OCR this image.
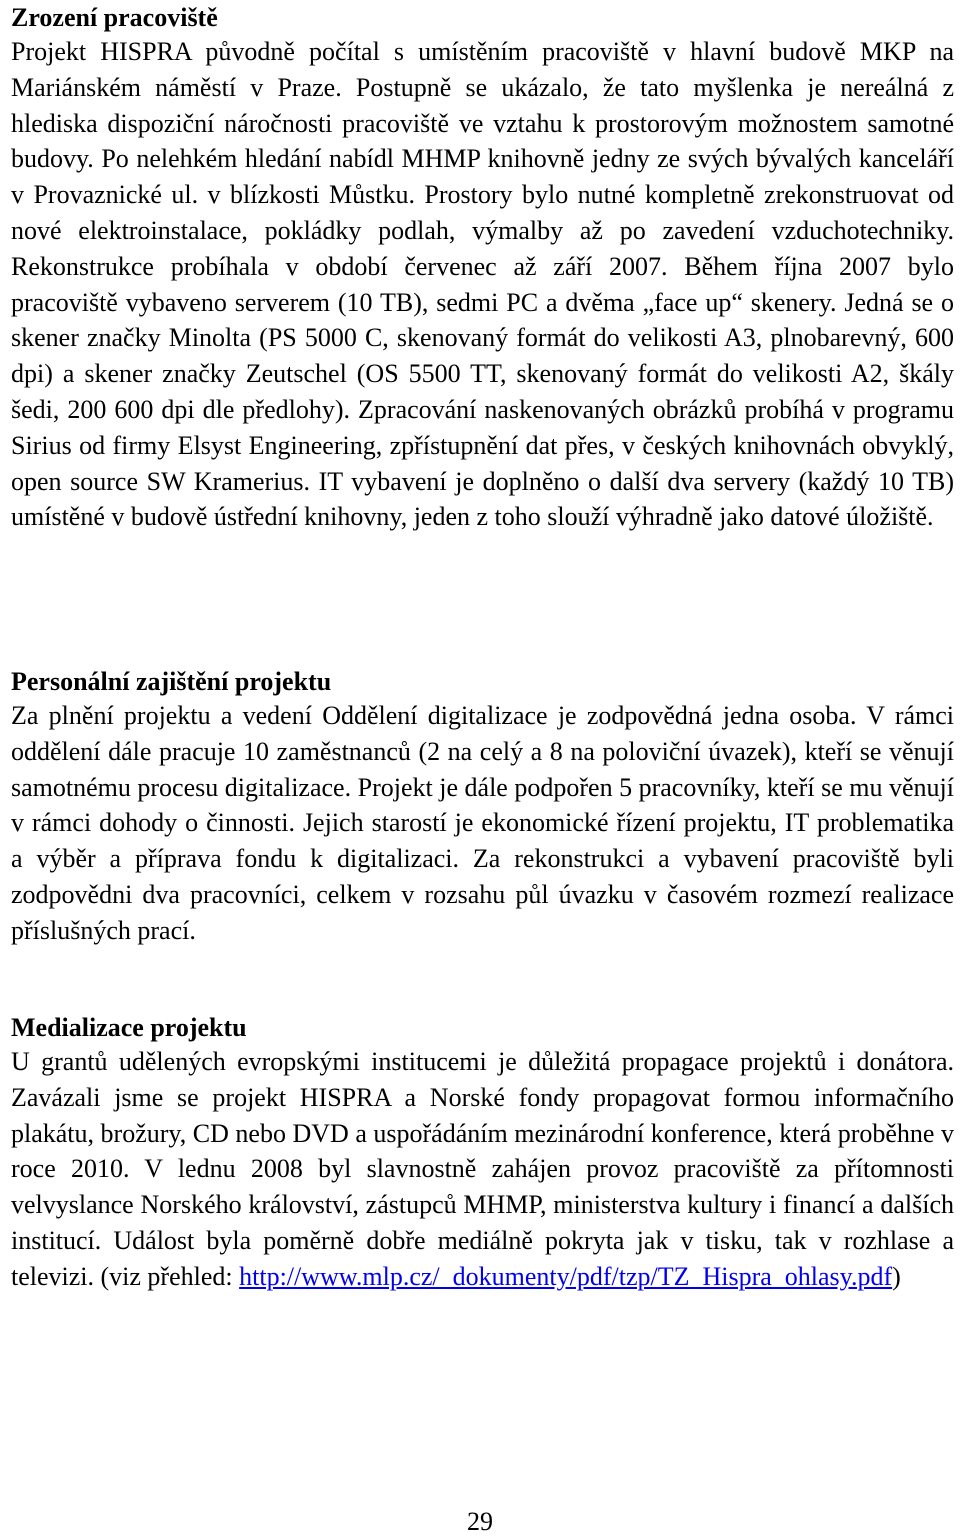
Zrození pracoviště

Projekt HISPRA původně počítal s umístěním pracoviště v hlavní budově MKP na Mariánském náměstí v Praze. Postupně se ukázalo, že tato myšlenka je nereálná z hlediska dispoziční náročnosti pracoviště ve vztahu k prostorovým možnostem samotné budovy. Po nelehkém hledání nabídl MHMP knihovně jedny ze svých bývalých kanceláří v Provaznické ul. v blízkosti Můstku. Prostory bylo nutné kompletně zrekonstruovat od nové elektroinstalace, pokládky podlah, výmalby až po zavedení vzduchotechniky. Rekonstrukce probíhala v období červenec až září 2007. Během října 2007 bylo pracoviště vybaveno serverem (10 TB), sedmi PC a dvěma „face up“ skenery. Jedná se o skener značky Minolta (PS 5000 C, skenovaný formát do velikosti A3, plnobarevný, 600 dpi) a skener značky Zeutschel (OS 5500 TT, skenovaný formát do velikosti A2, škály šedi, 200 600 dpi dle předlohy). Zpracování naskenovaných obrázků probíhá v programu Sirius od firmy Elsyst Engineering, zpřístupnění dat přes, v českých knihovnách obvyklý, open source SW Kramerius. IT vybavení je doplněno o další dva servery (každý 10 TB) umístěné v budově ústřední knihovny, jeden z toho slouží výhradně jako datové úložiště.

Personální zajištění projektu

Za plnění projektu a vedení Oddělení digitalizace je zodpovědná jedna osoba. V rámci oddělení dále pracuje 10 zaměstnanců (2 na celý a 8 na poloviční úvazek), kteří se věnují samotnému procesu digitalizace. Projekt je dále podpořen 5 pracovníky, kteří se mu věnují v rámci dohody o činnosti. Jejich starostí je ekonomické řízení projektu, IT problematika a výběr a příprava fondu k digitalizaci. Za rekonstrukci a vybavení pracoviště byli zodpovědni dva pracovníci, celkem v rozsahu půl úvazku v časovém rozmezí realizace příslušných prací.

Medializace projektu

U grantů udělených evropskými institucemi je důležitá propagace projektů i donátora. Zavázali jsme se projekt HISPRA a Norské fondy propagovat formou informačního plakátu, brožury, CD nebo DVD a uspořádáním mezinárodní konference, která proběhne v roce 2010. V lednu 2008 byl slavnostně zahájen provoz pracoviště za přítomnosti velvyslance Norského království, zástupců MHMP, ministerstva kultury i financí a dalších institucí. Událost byla poměrně dobře mediálně pokryta jak v tisku, tak v rozhlase a televizi. (viz přehled: http://www.mlp.cz/_dokumenty/pdf/tzp/TZ_Hispra_ohlasy.pdf)

29
